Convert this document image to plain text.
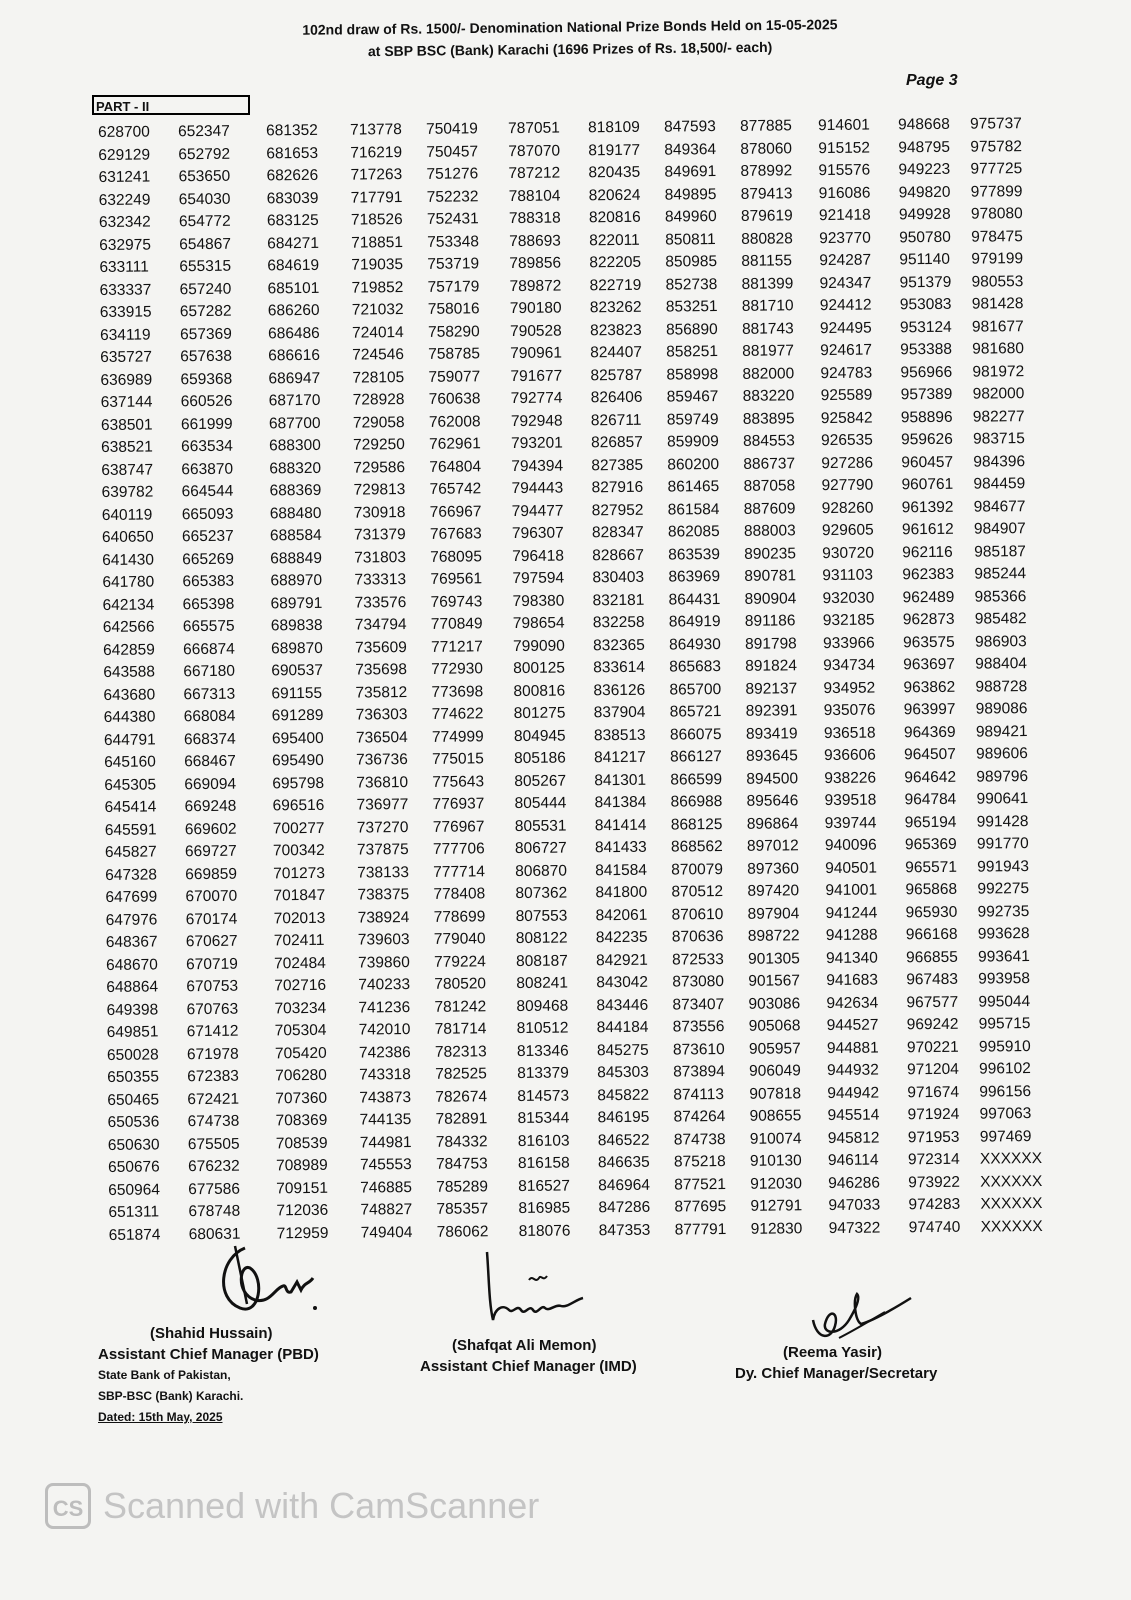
102nd draw of Rs. 1500/- Denomination National Prize Bonds Held on 15-05-2025
at SBP BSC (Bank) Karachi (1696 Prizes of Rs. 18,500/- each)
Page 3
PART - II
628700
629129
631241
632249
632342
632975
633111
633337
633915
634119
635727
636989
637144
638501
638521
638747
639782
640119
640650
641430
641780
642134
642566
642859
643588
643680
644380
644791
645160
645305
645414
645591
645827
647328
647699
647976
648367
648670
648864
649398
649851
650028
650355
650465
650536
650630
650676
650964
651311
651874
652347
652792
653650
654030
654772
654867
655315
657240
657282
657369
657638
659368
660526
661999
663534
663870
664544
665093
665237
665269
665383
665398
665575
666874
667180
667313
668084
668374
668467
669094
669248
669602
669727
669859
670070
670174
670627
670719
670753
670763
671412
671978
672383
672421
674738
675505
676232
677586
678748
680631
681352
681653
682626
683039
683125
684271
684619
685101
686260
686486
686616
686947
687170
687700
688300
688320
688369
688480
688584
688849
688970
689791
689838
689870
690537
691155
691289
695400
695490
695798
696516
700277
700342
701273
701847
702013
702411
702484
702716
703234
705304
705420
706280
707360
708369
708539
708989
709151
712036
712959
713778
716219
717263
717791
718526
718851
719035
719852
721032
724014
724546
728105
728928
729058
729250
729586
729813
730918
731379
731803
733313
733576
734794
735609
735698
735812
736303
736504
736736
736810
736977
737270
737875
738133
738375
738924
739603
739860
740233
741236
742010
742386
743318
743873
744135
744981
745553
746885
748827
749404
750419
750457
751276
752232
752431
753348
753719
757179
758016
758290
758785
759077
760638
762008
762961
764804
765742
766967
767683
768095
769561
769743
770849
771217
772930
773698
774622
774999
775015
775643
776937
776967
777706
777714
778408
778699
779040
779224
780520
781242
781714
782313
782525
782674
782891
784332
784753
785289
785357
786062
787051
787070
787212
788104
788318
788693
789856
789872
790180
790528
790961
791677
792774
792948
793201
794394
794443
794477
796307
796418
797594
798380
798654
799090
800125
800816
801275
804945
805186
805267
805444
805531
806727
806870
807362
807553
808122
808187
808241
809468
810512
813346
813379
814573
815344
816103
816158
816527
816985
818076
818109
819177
820435
820624
820816
822011
822205
822719
823262
823823
824407
825787
826406
826711
826857
827385
827916
827952
828347
828667
830403
832181
832258
832365
833614
836126
837904
838513
841217
841301
841384
841414
841433
841584
841800
842061
842235
842921
843042
843446
844184
845275
845303
845822
846195
846522
846635
846964
847286
847353
847593
849364
849691
849895
849960
850811
850985
852738
853251
856890
858251
858998
859467
859749
859909
860200
861465
861584
862085
863539
863969
864431
864919
864930
865683
865700
865721
866075
866127
866599
866988
868125
868562
870079
870512
870610
870636
872533
873080
873407
873556
873610
873894
874113
874264
874738
875218
877521
877695
877791
877885
878060
878992
879413
879619
880828
881155
881399
881710
881743
881977
882000
883220
883895
884553
886737
887058
887609
888003
890235
890781
890904
891186
891798
891824
892137
892391
893419
893645
894500
895646
896864
897012
897360
897420
897904
898722
901305
901567
903086
905068
905957
906049
907818
908655
910074
910130
912030
912791
912830
914601
915152
915576
916086
921418
923770
924287
924347
924412
924495
924617
924783
925589
925842
926535
927286
927790
928260
929605
930720
931103
932030
932185
933966
934734
934952
935076
936518
936606
938226
939518
939744
940096
940501
941001
941244
941288
941340
941683
942634
944527
944881
944932
944942
945514
945812
946114
946286
947033
947322
948668
948795
949223
949820
949928
950780
951140
951379
953083
953124
953388
956966
957389
958896
959626
960457
960761
961392
961612
962116
962383
962489
962873
963575
963697
963862
963997
964369
964507
964642
964784
965194
965369
965571
965868
965930
966168
966855
967483
967577
969242
970221
971204
971674
971924
971953
972314
973922
974283
974740
975737
975782
977725
977899
978080
978475
979199
980553
981428
981677
981680
981972
982000
982277
983715
984396
984459
984677
984907
985187
985244
985366
985482
986903
988404
988728
989086
989421
989606
989796
990641
991428
991770
991943
992275
992735
993628
993641
993958
995044
995715
995910
996102
996156
997063
997469
XXXXXX
XXXXXX
XXXXXX
XXXXXX
(Shahid Hussain)
Assistant Chief Manager (PBD)
State Bank of Pakistan,
SBP-BSC (Bank) Karachi.
Dated: 15th May, 2025
(Shafqat Ali Memon)
Assistant Chief Manager (IMD)
(Reema Yasir)
Dy. Chief Manager/Secretary
CS Scanned with CamScanner
